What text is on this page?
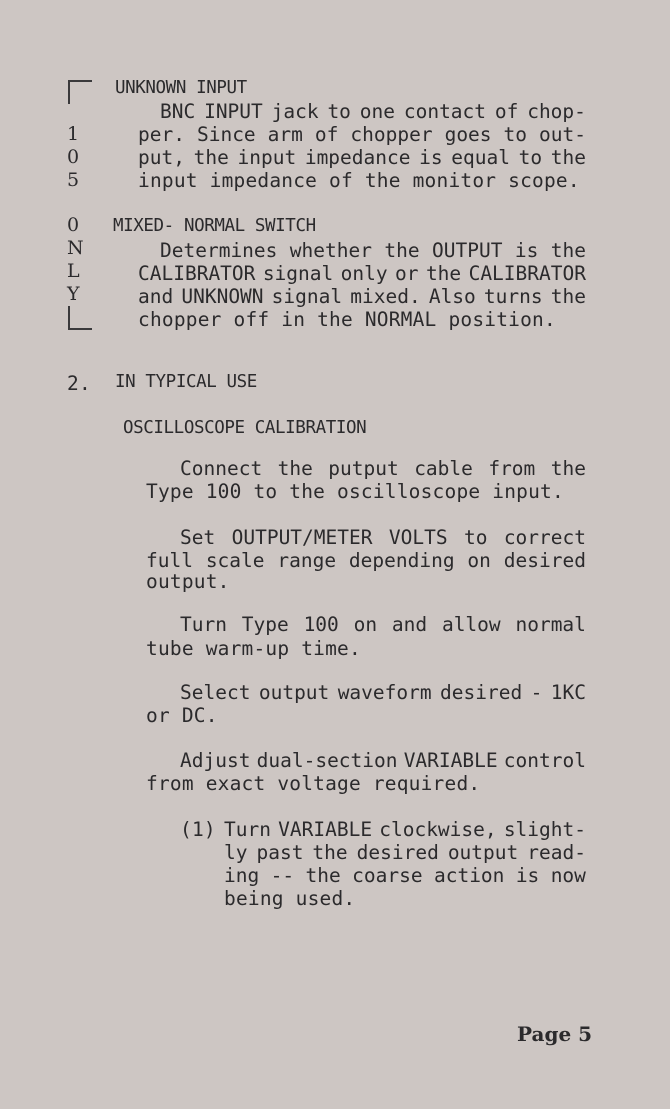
1
0
5
0
N
L
Y
UNKNOWN INPUT
BNC INPUT jack to one contact of chop-
per. Since arm of chopper goes to out-
put, the input impedance is equal to the
input impedance of the monitor scope.
MIXED- NORMAL SWITCH
Determines whether the OUTPUT is the
CALIBRATOR signal only or the CALIBRATOR
and UNKNOWN signal mixed. Also turns the
chopper off in the NORMAL position.
2. IN TYPICAL USE
OSCILLOSCOPE CALIBRATION
Connect the putput cable from the
Type 100 to the oscilloscope input.
Set OUTPUT/METER VOLTS to correct
full scale range depending on desired
output.
Turn Type 100 on and allow normal
tube warm-up time.
Select output waveform desired - 1KC
or DC.
Adjust dual-section VARIABLE control
from exact voltage required.
(1) Turn VARIABLE clockwise, slight-
ly past the desired output read-
ing -- the coarse action is now
being used.
Page 5
